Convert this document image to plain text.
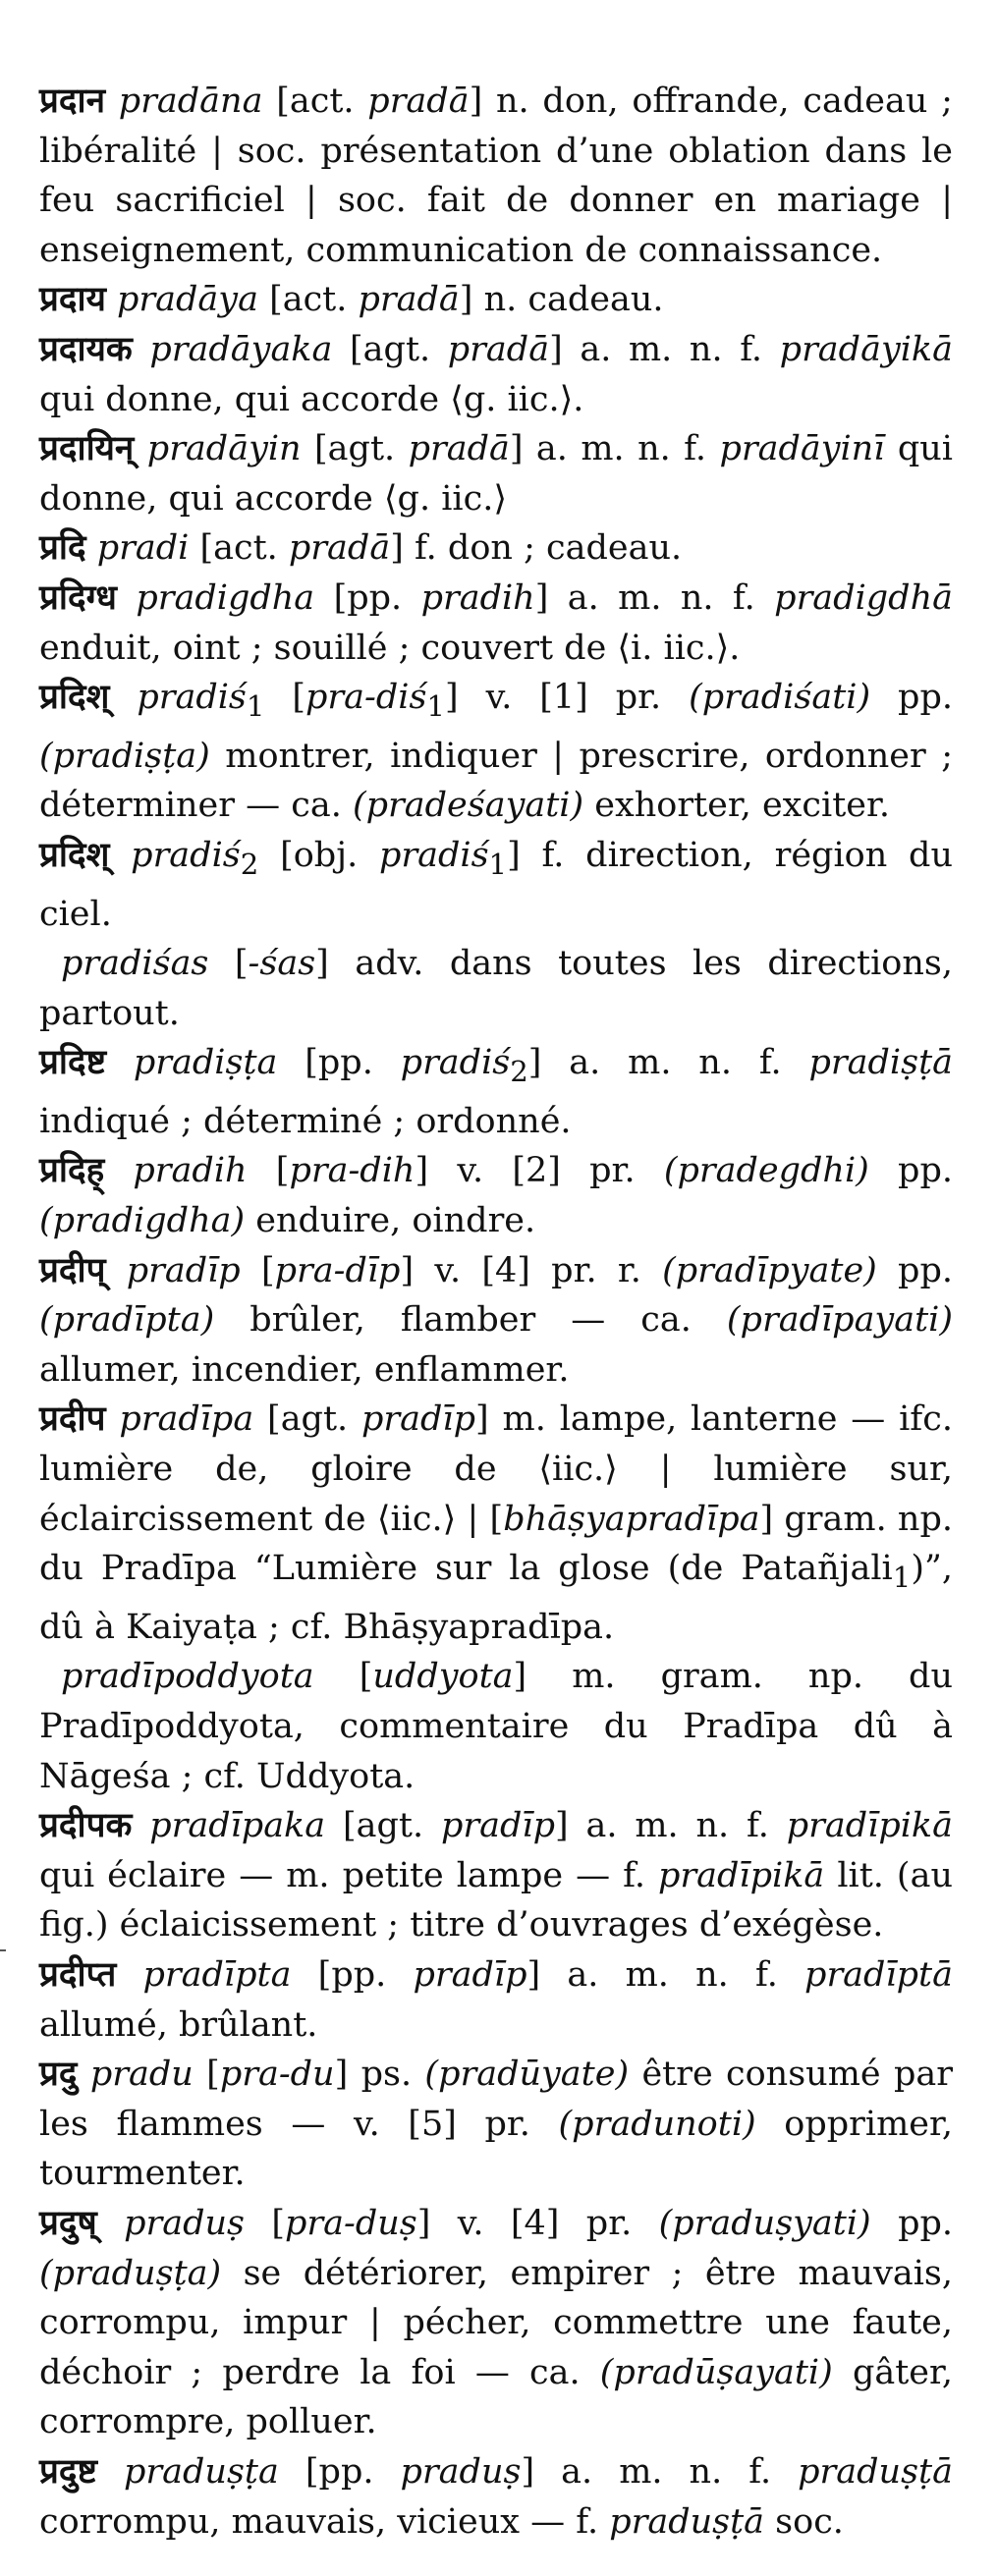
प्रदान pradāna [act. pradā] n. don, offrande, cadeau ; libéralité | soc. présentation d’une oblation dans le feu sacrificiel | soc. fait de donner en mariage | enseignement, communication de connaissance.

प्रदाय pradāya [act. pradā] n. cadeau.

प्रदायक pradāyaka [agt. pradā] a. m. n. f. pradāyikā qui donne, qui accorde ⟨g. iic.⟩.

प्रदायिन् pradāyin [agt. pradā] a. m. n. f. pradāyinī qui donne, qui accorde ⟨g. iic.⟩

प्रदि pradi [act. pradā] f. don ; cadeau.

प्रदिग्ध pradigdha [pp. pradih] a. m. n. f. pradigdhā enduit, oint ; souillé ; couvert de ⟨i. iic.⟩.

प्रदिश् pradiś$_1$ [pra-diś$_1$] v. [1] pr. (pradiśati) pp. (pradiṣṭa) montrer, indiquer | prescrire, ordonner ; déterminer — ca. (pradeśayati) exhorter, exciter.

प्रदिश् pradiś$_2$ [obj. pradiś$_1$] f. direction, région du ciel.

pradiśas [-śas] adv. dans toutes les directions, partout.

प्रदिष्ट pradiṣṭa [pp. pradiś$_2$] a. m. n. f. pradiṣṭā indiqué ; déterminé ; ordonné.

प्रदिह् pradih [pra-dih] v. [2] pr. (pradegdhi) pp. (pradigdha) enduire, oindre.

प्रदीप् pradīp [pra-dīp] v. [4] pr. r. (pradīpyate) pp. (pradīpta) brûler, flamber — ca. (pradīpayati) allumer, incendier, enflammer.

प्रदीप pradīpa [agt. pradīp] m. lampe, lanterne — ifc. lumière de, gloire de ⟨iic.⟩ | lumière sur, éclaircissement de ⟨iic.⟩ | [bhāṣyapradīpa] gram. np. du Pradīpa “Lumière sur la glose (de Patañjali$_1$)”, dû à Kaiyaṭa ; cf. Bhāṣyapradīpa.

pradīpoddyota [uddyota] m. gram. np. du Pradīpoddyota, commentaire du Pradīpa dû à Nāgeśa ; cf. Uddyota.

प्रदीपक pradīpaka [agt. pradīp] a. m. n. f. pradīpikā qui éclaire — m. petite lampe — f. pradīpikā lit. (au fig.) éclaicissement ; titre d’ouvrages d’exégèse.

प्रदीप्त pradīpta [pp. pradīp] a. m. n. f. pradīptā allumé, brûlant.

प्रदु pradu [pra-du] ps. (pradūyate) être consumé par les flammes — v. [5] pr. (pradunoti) opprimer, tourmenter.

प्रदुष् praduṣ [pra-duṣ] v. [4] pr. (praduṣyati) pp. (praduṣṭa) se détériorer, empirer ; être mauvais, corrompu, impur | pécher, commettre une faute, déchoir ; perdre la foi — ca. (pradūṣayati) gâter, corrompre, polluer.

प्रदुष्ट praduṣṭa [pp. praduṣ] a. m. n. f. praduṣṭā corrompu, mauvais, vicieux — f. praduṣṭā soc.
